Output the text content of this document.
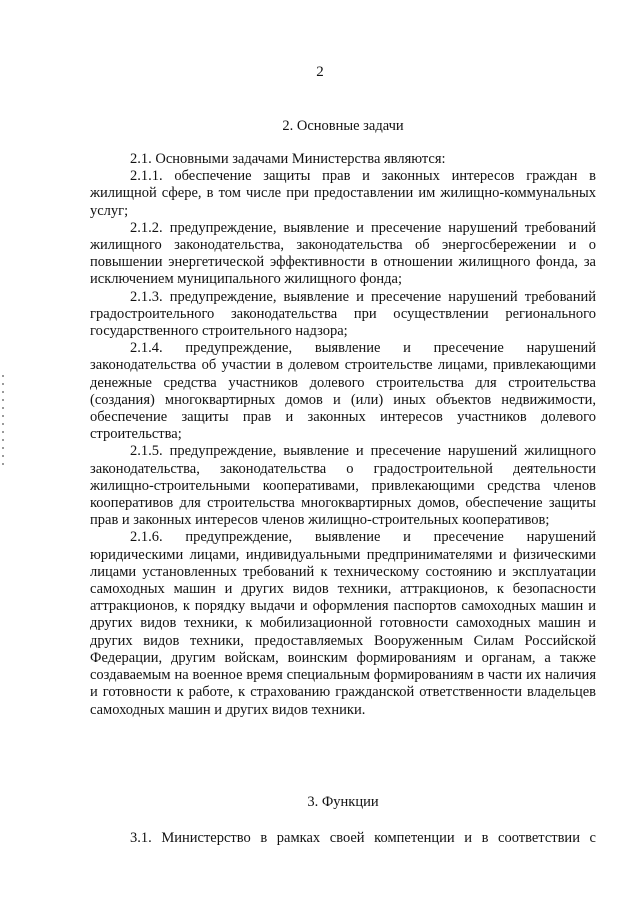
2
2. Основные задачи

2.1. Основными задачами Министерства являются:

2.1.1. обеспечение защиты прав и законных интересов граждан в жилищной сфере, в том числе при предоставлении им жилищно-коммунальных услуг;

2.1.2. предупреждение, выявление и пресечение нарушений требований жилищного законодательства, законодательства об энергосбережении и о повышении энергетической эффективности в отношении жилищного фонда, за исключением муниципального жилищного фонда;

2.1.3. предупреждение, выявление и пресечение нарушений требований градостроительного законодательства при осуществлении регионального государственного строительного надзора;

2.1.4. предупреждение, выявление и пресечение нарушений законодательства об участии в долевом строительстве лицами, привлекающими денежные средства участников долевого строительства для строительства (создания) многоквартирных домов и (или) иных объектов недвижимости, обеспечение защиты прав и законных интересов участников долевого строительства;

2.1.5. предупреждение, выявление и пресечение нарушений жилищного законодательства, законодательства о градостроительной деятельности жилищно-строительными кооперативами, привлекающими средства членов кооперативов для строительства многоквартирных домов, обеспечение защиты прав и законных интересов членов жилищно-строительных кооперативов;

2.1.6. предупреждение, выявление и пресечение нарушений юридическими лицами, индивидуальными предпринимателями и физическими лицами установленных требований к техническому состоянию и эксплуатации самоходных машин и других видов техники, аттракционов, к безопасности аттракционов, к порядку выдачи и оформления паспортов самоходных машин и других видов техники, к мобилизационной готовности самоходных машин и других видов техники, предоставляемых Вооруженным Силам Российской Федерации, другим войскам, воинским формированиям и органам, а также создаваемым на военное время специальным формированиям в части их наличия и готовности к работе, к страхованию гражданской ответственности владельцев самоходных машин и других видов техники.

3. Функции

3.1. Министерство в рамках своей компетенции и в соответствии с
